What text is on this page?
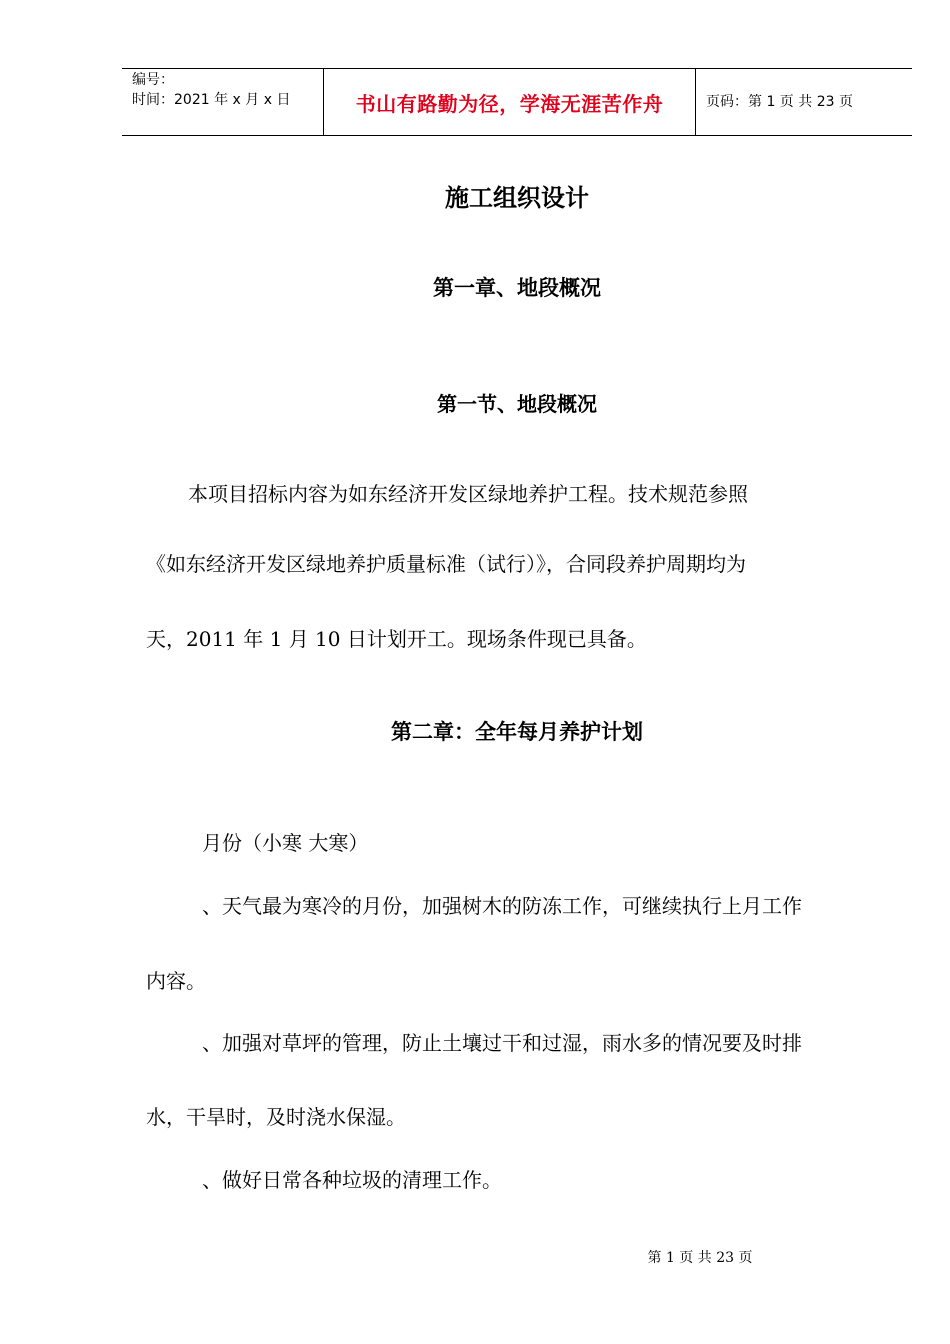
编号：
时间：2021 年 x 月 x 日	书山有路勤为径，学海无涯苦作舟	页码：第 1 页 共 23 页
施工组织设计
第一章、地段概况
第一节、地段概况
本项目招标内容为如东经济开发区绿地养护工程。技术规范参照
《如东经济开发区绿地养护质量标准（试行）》，合同段养护周期均为
天，2011 年 1 月 10 日计划开工。现场条件现已具备。
第二章：全年每月养护计划
月份（小寒 大寒）
、天气最为寒冷的月份，加强树木的防冻工作，可继续执行上月工作
内容。
、加强对草坪的管理，防止土壤过干和过湿，雨水多的情况要及时排
水，干旱时，及时浇水保湿。
、做好日常各种垃圾的清理工作。
第 1 页 共 23 页
